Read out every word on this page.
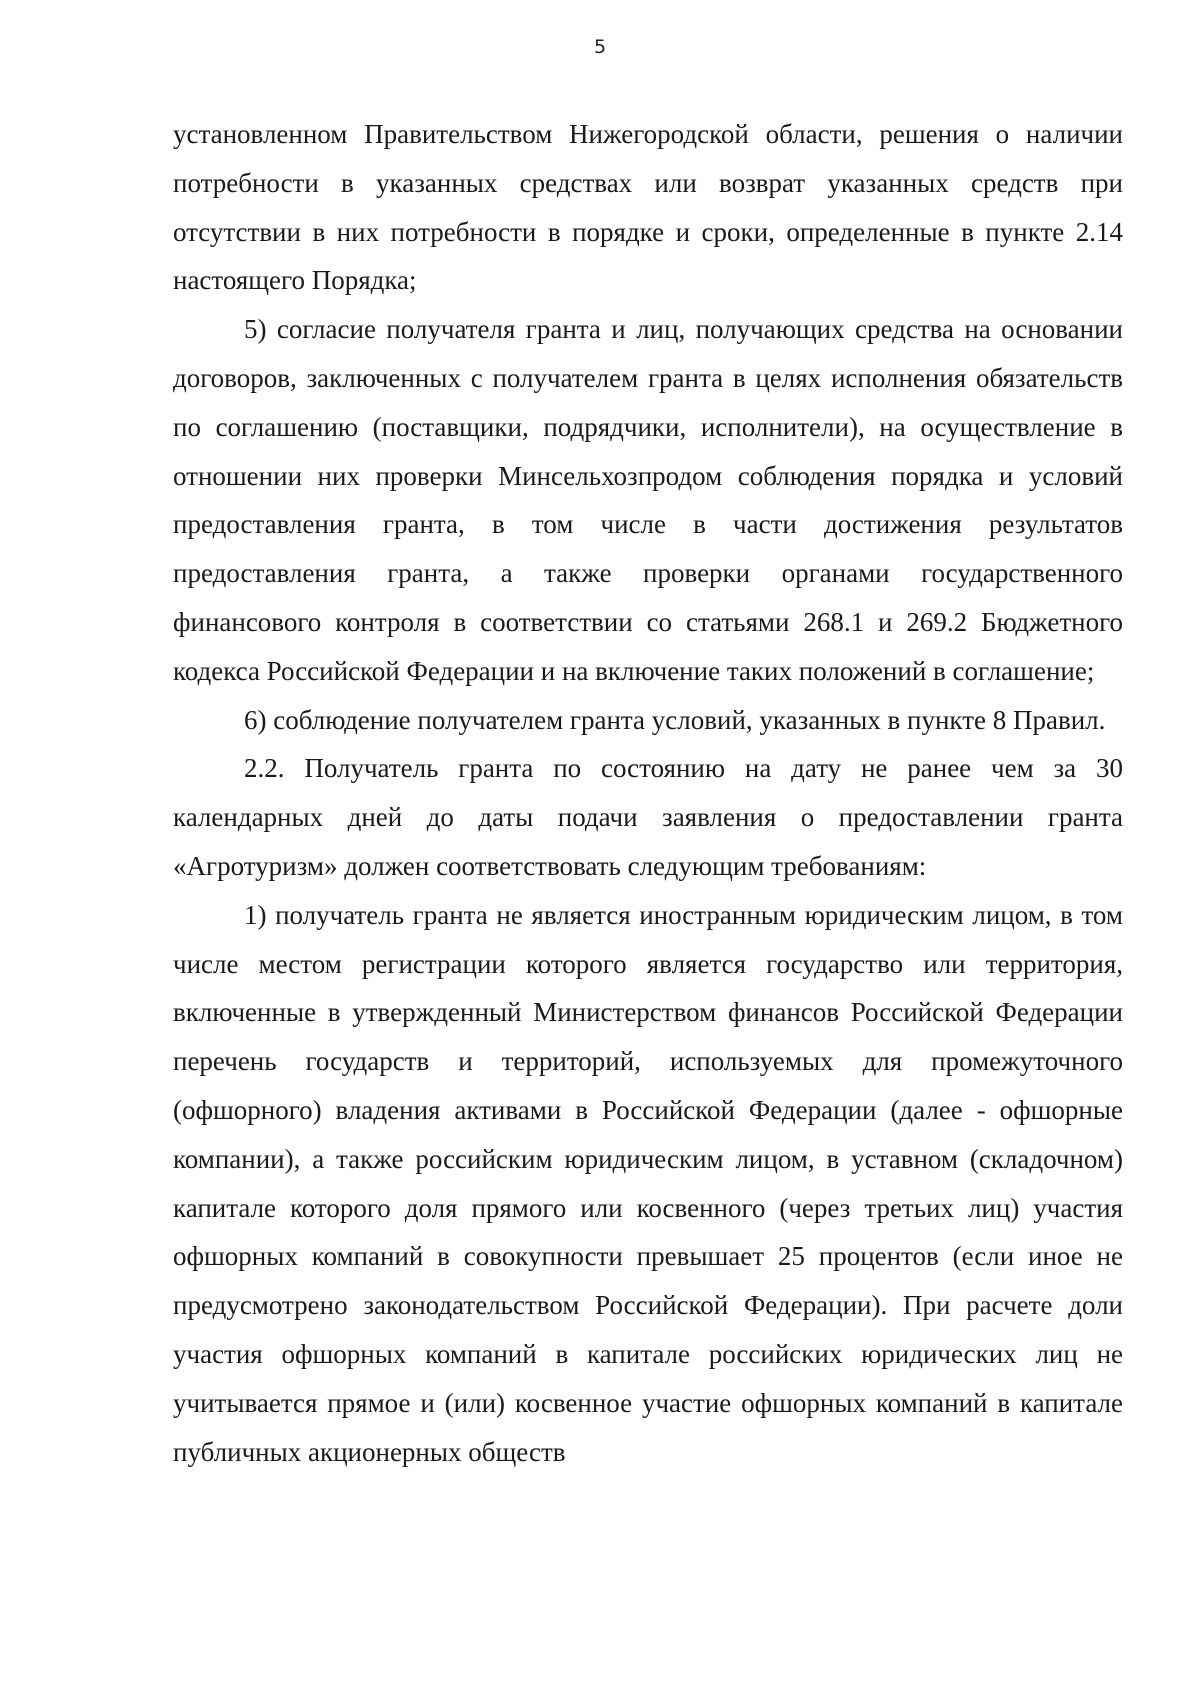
5

установленном Правительством Нижегородской области, решения о наличии потребности в указанных средствах или возврат указанных средств при отсутствии в них потребности в порядке и сроки, определенные в пункте 2.14 настоящего Порядка;

5) согласие получателя гранта и лиц, получающих средства на основании договоров, заключенных с получателем гранта в целях исполнения обязательств по соглашению (поставщики, подрядчики, исполнители), на осуществление в отношении них проверки Минсельхозпродом соблюдения порядка и условий предоставления гранта, в том числе в части достижения результатов предоставления гранта, а также проверки органами государственного финансового контроля в соответствии со статьями 268.1 и 269.2 Бюджетного кодекса Российской Федерации и на включение таких положений в соглашение;

6) соблюдение получателем гранта условий, указанных в пункте 8 Правил.

2.2. Получатель гранта по состоянию на дату не ранее чем за 30 календарных дней до даты подачи заявления о предоставлении гранта «Агротуризм» должен соответствовать следующим требованиям:

1) получатель гранта не является иностранным юридическим лицом, в том числе местом регистрации которого является государство или территория, включенные в утвержденный Министерством финансов Российской Федерации перечень государств и территорий, используемых для промежуточного (офшорного) владения активами в Российской Федерации (далее - офшорные компании), а также российским юридическим лицом, в уставном (складочном) капитале которого доля прямого или косвенного (через третьих лиц) участия офшорных компаний в совокупности превышает 25 процентов (если иное не предусмотрено законодательством Российской Федерации). При расчете доли участия офшорных компаний в капитале российских юридических лиц не учитывается прямое и (или) косвенное участие офшорных компаний в капитале публичных акционерных обществ
